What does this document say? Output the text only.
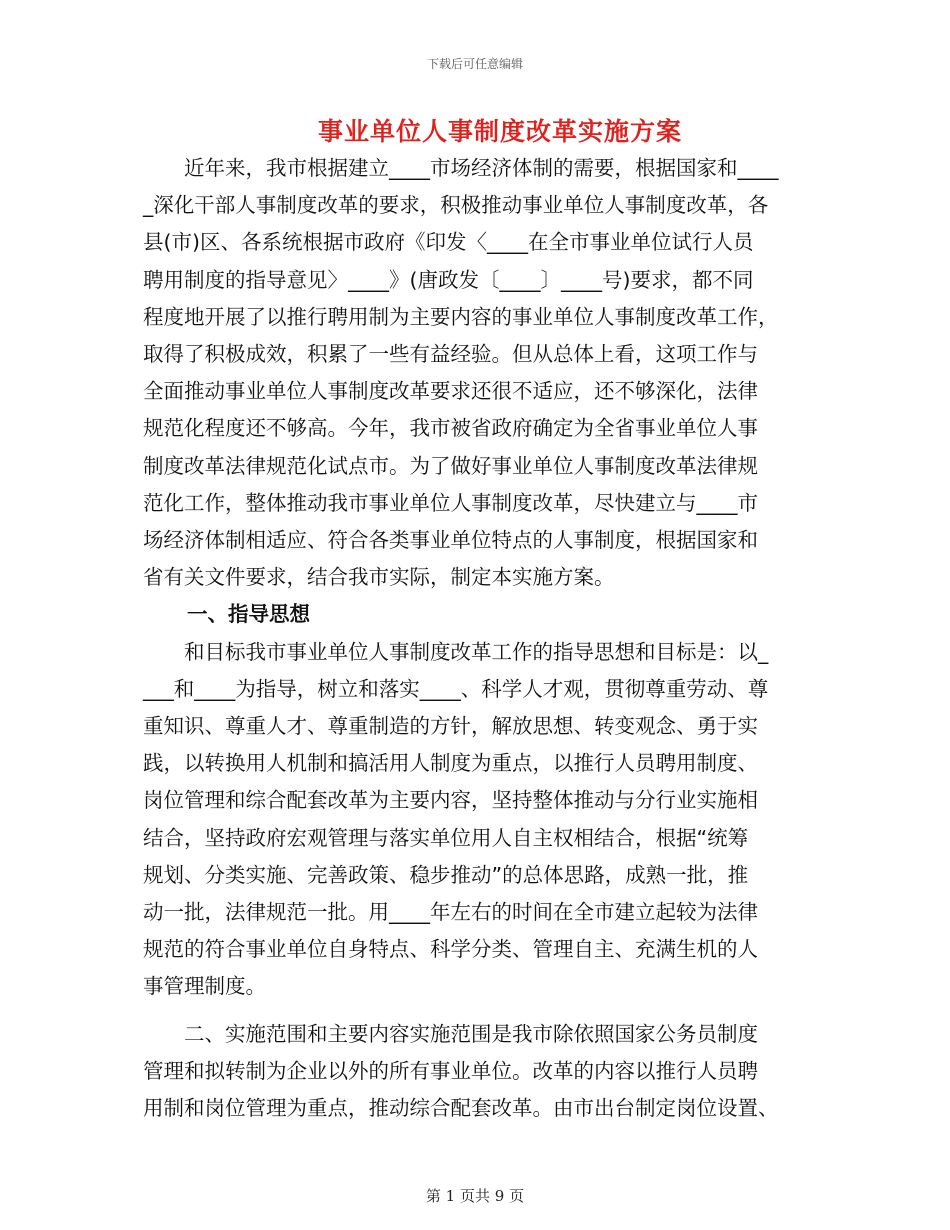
下载后可任意编辑
事业单位人事制度改革实施方案
　　近年来，我市根据建立____市场经济体制的需要，根据国家和____
_深化干部人事制度改革的要求，积极推动事业单位人事制度改革，各
县(市)区、各系统根据市政府《印发〈____在全市事业单位试行人员
聘用制度的指导意见〉____》(唐政发〔____〕____号)要求，都不同
程度地开展了以推行聘用制为主要内容的事业单位人事制度改革工作，
取得了积极成效，积累了一些有益经验。但从总体上看，这项工作与
全面推动事业单位人事制度改革要求还很不适应，还不够深化，法律
规范化程度还不够高。今年，我市被省政府确定为全省事业单位人事
制度改革法律规范化试点市。为了做好事业单位人事制度改革法律规
范化工作，整体推动我市事业单位人事制度改革，尽快建立与____市
场经济体制相适应、符合各类事业单位特点的人事制度，根据国家和
省有关文件要求，结合我市实际，制定本实施方案。
一、指导思想
　　和目标我市事业单位人事制度改革工作的指导思想和目标是：以_
___和____为指导，树立和落实____、科学人才观，贯彻尊重劳动、尊
重知识、尊重人才、尊重制造的方针，解放思想、转变观念、勇于实
践，以转换用人机制和搞活用人制度为重点，以推行人员聘用制度、
岗位管理和综合配套改革为主要内容，坚持整体推动与分行业实施相
结合，坚持政府宏观管理与落实单位用人自主权相结合，根据“统筹
规划、分类实施、完善政策、稳步推动”的总体思路，成熟一批，推
动一批，法律规范一批。用____年左右的时间在全市建立起较为法律
规范的符合事业单位自身特点、科学分类、管理自主、充满生机的人
事管理制度。
　　二、实施范围和主要内容实施范围是我市除依照国家公务员制度
管理和拟转制为企业以外的所有事业单位。改革的内容以推行人员聘
用制和岗位管理为重点，推动综合配套改革。由市出台制定岗位设置、
第 1 页共 9 页
